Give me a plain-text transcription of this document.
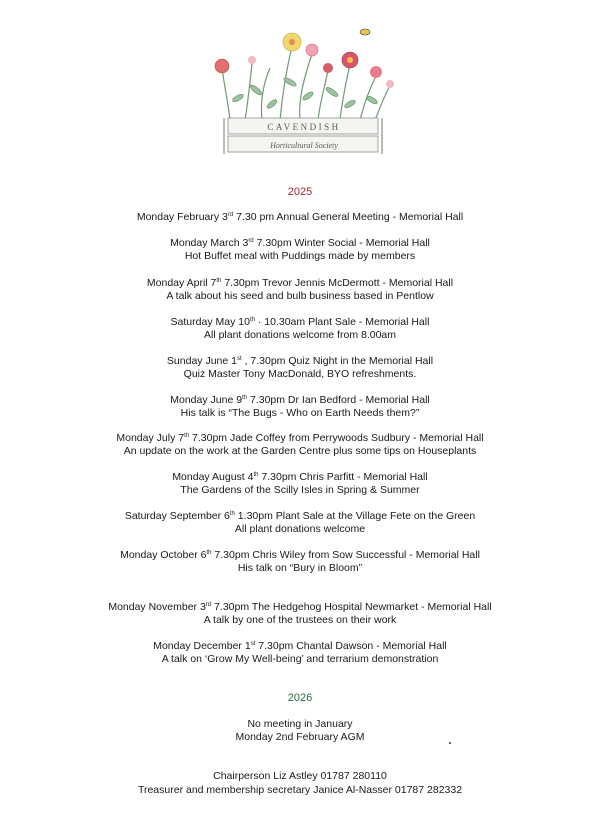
CAVENDISH
Horticultural Society
2025
Monday February 3rd 7.30 pm Annual General Meeting - Memorial Hall
Monday March 3rd 7.30pm Winter Social - Memorial Hall
Hot Buffet meal with Puddings made by members
Monday April 7th 7.30pm Trevor Jennis McDermott - Memorial Hall
A talk about his seed and bulb business based in Pentlow
Saturday May 10th · 10.30am Plant Sale - Memorial Hall
All plant donations welcome from 8.00am
Sunday June 1st , 7.30pm Quiz Night in the Memorial Hall
Quiz Master Tony MacDonald, BYO refreshments.
Monday June 9th 7.30pm Dr Ian Bedford - Memorial Hall
His talk is “The Bugs - Who on Earth Needs them?”
Monday July 7th 7.30pm Jade Coffey from Perrywoods Sudbury - Memorial Hall
An update on the work at the Garden Centre plus some tips on Houseplants
Monday August 4th 7.30pm Chris Parfitt - Memorial Hall
The Gardens of the Scilly Isles in Spring & Summer
Saturday September 6th 1.30pm Plant Sale at the Village Fete on the Green
All plant donations welcome
Monday October 6th 7.30pm Chris Wiley from Sow Successful - Memorial Hall
His talk on “Bury in Bloom”
Monday November 3rd 7.30pm The Hedgehog Hospital Newmarket - Memorial Hall
A talk by one of the trustees on their work
Monday December 1st 7.30pm Chantal Dawson - Memorial Hall
A talk on ‘Grow My Well-being’ and terrarium demonstration
2026
No meeting in January
Monday 2nd February AGM
Chairperson Liz Astley 01787 280110
Treasurer and membership secretary Janice Al-Nasser 01787 282332
